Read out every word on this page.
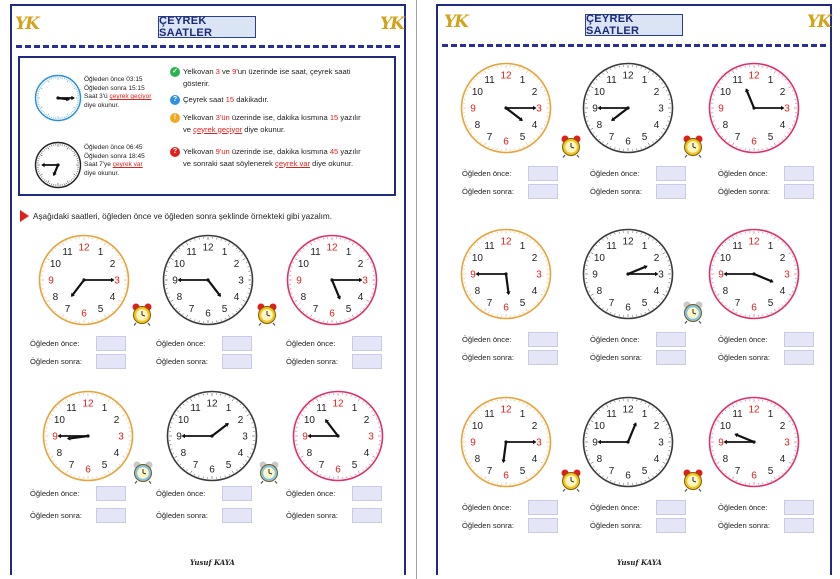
YK	YK
ÇEYREK SAATLER
Öğleden önce 03:15
Öğleden sonra 15:15
Saat 3'ü çeyrek geçiyor
diye okunur.
Öğleden önce 06:45
Öğleden sonra 18:45
Saat 7'ye çeyrek var
diye okunur.
✓ Yelkovan 3 ve 9'un üzerinde ise saat, çeyrek saati
gösterir.
? Çeyrek saat 15 dakikadır.
! Yelkovan 3'ün üzerinde ise, dakika kısmına 15 yazılır
ve çeyrek geçiyor diye okunur.
? Yelkovan 9'un üzerinde ise, dakika kısmına 45 yazılır
ve sonraki saat söylenerek çeyrek var diye okunur.
Aşağıdaki saatleri, öğleden önce ve öğleden sonra şeklinde örnekteki gibi yazalım.
Yusuf KAYA
12 1
2
3
4
5
6
7
8
9
10
11
Öğleden önce:
Öğleden sonra:
12 1
2
3
4
5
6
7
8
9
10
11
Öğleden önce:
Öğleden sonra:
12 1
2
3
4
5
6
7
8
9
10
11
Öğleden önce:
Öğleden sonra:
12 1
2
3
4
5
6
7
8
9
10
11
Öğleden önce:
Öğleden sonra:
12 1
2
3
4
5
6
7
8
9
10
11
Öğleden önce:
Öğleden sonra:
12 1
2
3
4
5
6
7
8
9
10
11
Öğleden önce:
Öğleden sonra:
YK	YK
ÇEYREK SAATLER
Yusuf KAYA
12 1
2
3
4
5
6
7
8
9
10
11
Öğleden önce:
Öğleden sonra:
12 1
2
3
4
5
6
7
8
9
10
11
Öğleden önce:
Öğleden sonra:
12 1
2
3
4
5
6
7
8
9
10
11
Öğleden önce:
Öğleden sonra:
12 1
2
3
4
5
6
7
8
9
10
11
Öğleden önce:
Öğleden sonra:
12 1
2
3
4
5
6
7
8
9
10
11
Öğleden önce:
Öğleden sonra:
12 1
2
3
4
5
6
7
8
9
10
11
Öğleden önce:
Öğleden sonra:
12 1
2
3
4
5
6
7
8
9
10
11
Öğleden önce:
Öğleden sonra:
12 1
2
3
4
5
6
7
8
9
10
11
Öğleden önce:
Öğleden sonra:
12 1
2
3
4
5
6
7
8
9
10
11
Öğleden önce:
Öğleden sonra:
